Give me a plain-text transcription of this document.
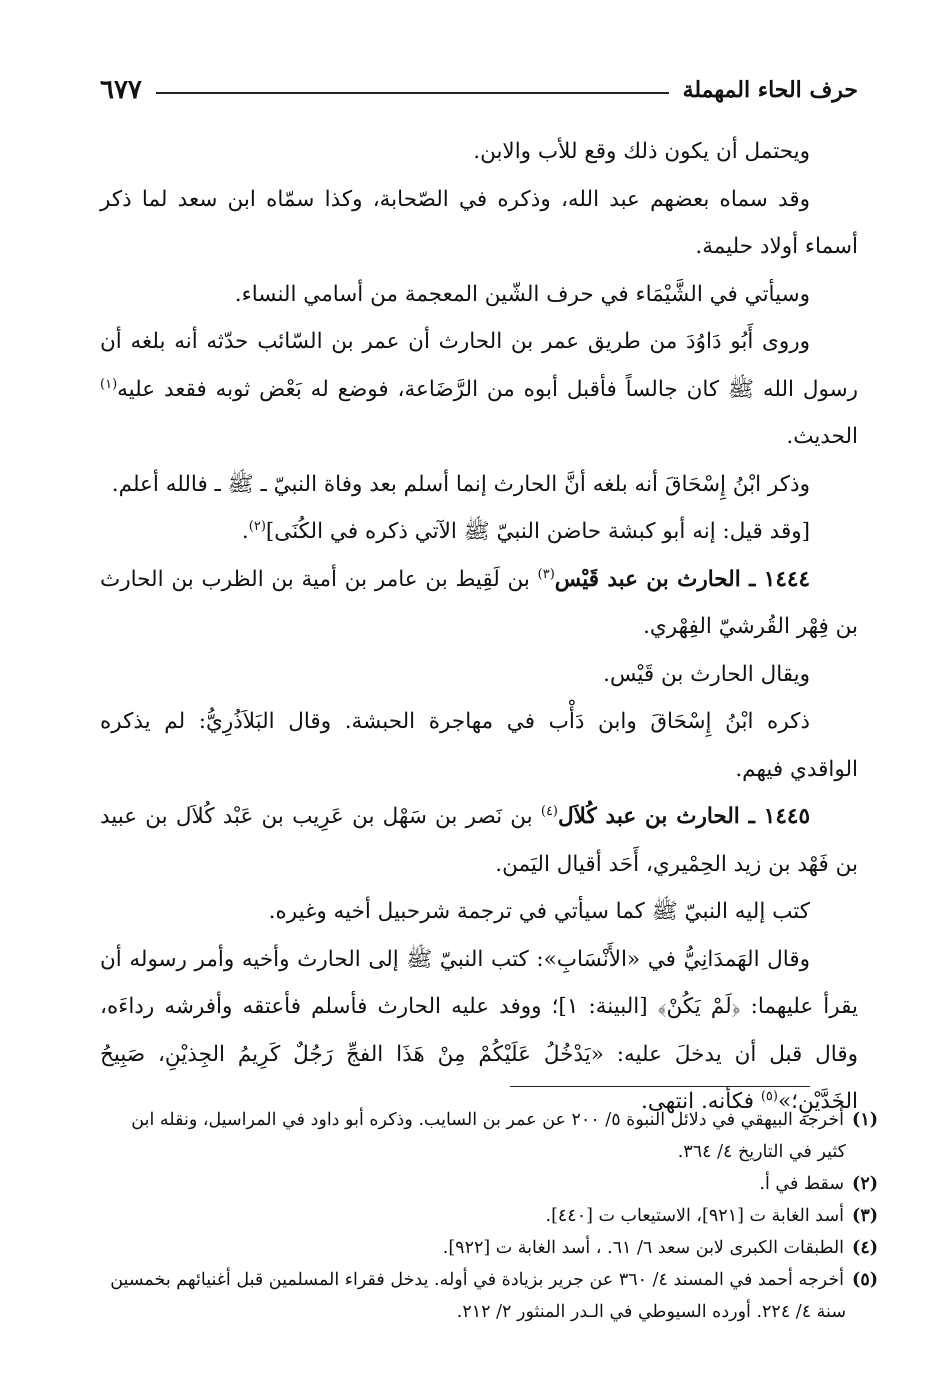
حرف الحاء المهملة
٦٧٧

ويحتمل أن يكون ذلك وقع للأب والابن.

وقد سماه بعضهم عبد الله، وذكره في الصّحابة، وكذا سمّاه ابن سعد لما ذكر أسماء أولاد حليمة.

وسيأتي في الشَّيْمَاء في حرف الشّين المعجمة من أسامي النساء.

وروى أَبُو دَاوُدَ من طريق عمر بن الحارث أن عمر بن السّائب حدّثه أنه بلغه أن رسول الله ﷺ كان جالساً فأقبل أبوه من الرَّضَاعة، فوضع له بَعْض ثوبه فقعد عليه$^{(١)}$ الحديث.

وذكر ابْنُ إِسْحَاقَ أنه بلغه أنَّ الحارث إنما أسلم بعد وفاة النبيّ ـ ﷺ ـ فالله أعلم.

[وقد قيل: إنه أبو كبشة حاضن النبيّ ﷺ الآتي ذكره في الكُنَى]$^{(٢)}$.

١٤٤٤ ـ الحارث بن عبد قَيْس$^{(٣)}$ بن لَقِيط بن عامر بن أمية بن الظرب بن الحارث بن فِهْر القُرشيّ الفِهْري.

ويقال الحارث بن قَيْس.

ذكره ابْنُ إِسْحَاقَ وابن دَأْب في مهاجرة الحبشة. وقال البَلاَذُرِيُّ: لم يذكره الواقدي فيهم.

١٤٤٥ ـ الحارث بن عبد كُلاَل$^{(٤)}$ بن نَصر بن سَهْل بن عَرِيب بن عَبْد كُلاَل بن عبيد بن فَهْد بن زيد الحِمْيري، أَحَد أقيال اليَمن.

كتب إليه النبيّ ﷺ كما سيأتي في ترجمة شرحبيل أخيه وغيره.

وقال الهَمدَانِيُّ في «الأَنْسَابِ»: كتب النبيّ ﷺ إلى الحارث وأخيه وأمر رسوله أن يقرأ عليهما: ﴿لَمْ يَكُنْ﴾ [البينة: ١]؛ ووفد عليه الحارث فأسلم فأعتقه وأفرشه رداءَه، وقال قبل أن يدخلَ عليه: «يَدْخُلُ عَلَيْكُمْ مِنْ هَذَا الفجِّ رَجُلٌ كَرِيمُ الجِذيْنِ، صَبِيحُ الخَدَّيْنِ؛»$^{(٥)}$ فكأنه. انتهى.

(١)أخرجه البيهقي في دلائل النبوة ٥/ ٢٠٠ عن عمر بن السايب. وذكره أبو داود في المراسيل، ونقله ابن

كثير في التاريخ ٤/ ٣٦٤.

(٢)سقط في أ.

(٣)أسد الغابة ت [٩٢١]، الاستيعاب ت [٤٤٠].

(٤)الطبقات الكبرى لابن سعد ٦/ ٦١. ، أسد الغابة ت [٩٢٢].

(٥)أخرجه أحمد في المسند ٤/ ٣٦٠ عن جرير بزيادة في أوله. يدخل فقراء المسلمين قبل أغنيائهم بخمسين

سنة ٤/ ٢٢٤. أورده السيوطي في الـدر المنثور ٢/ ٢١٢.
